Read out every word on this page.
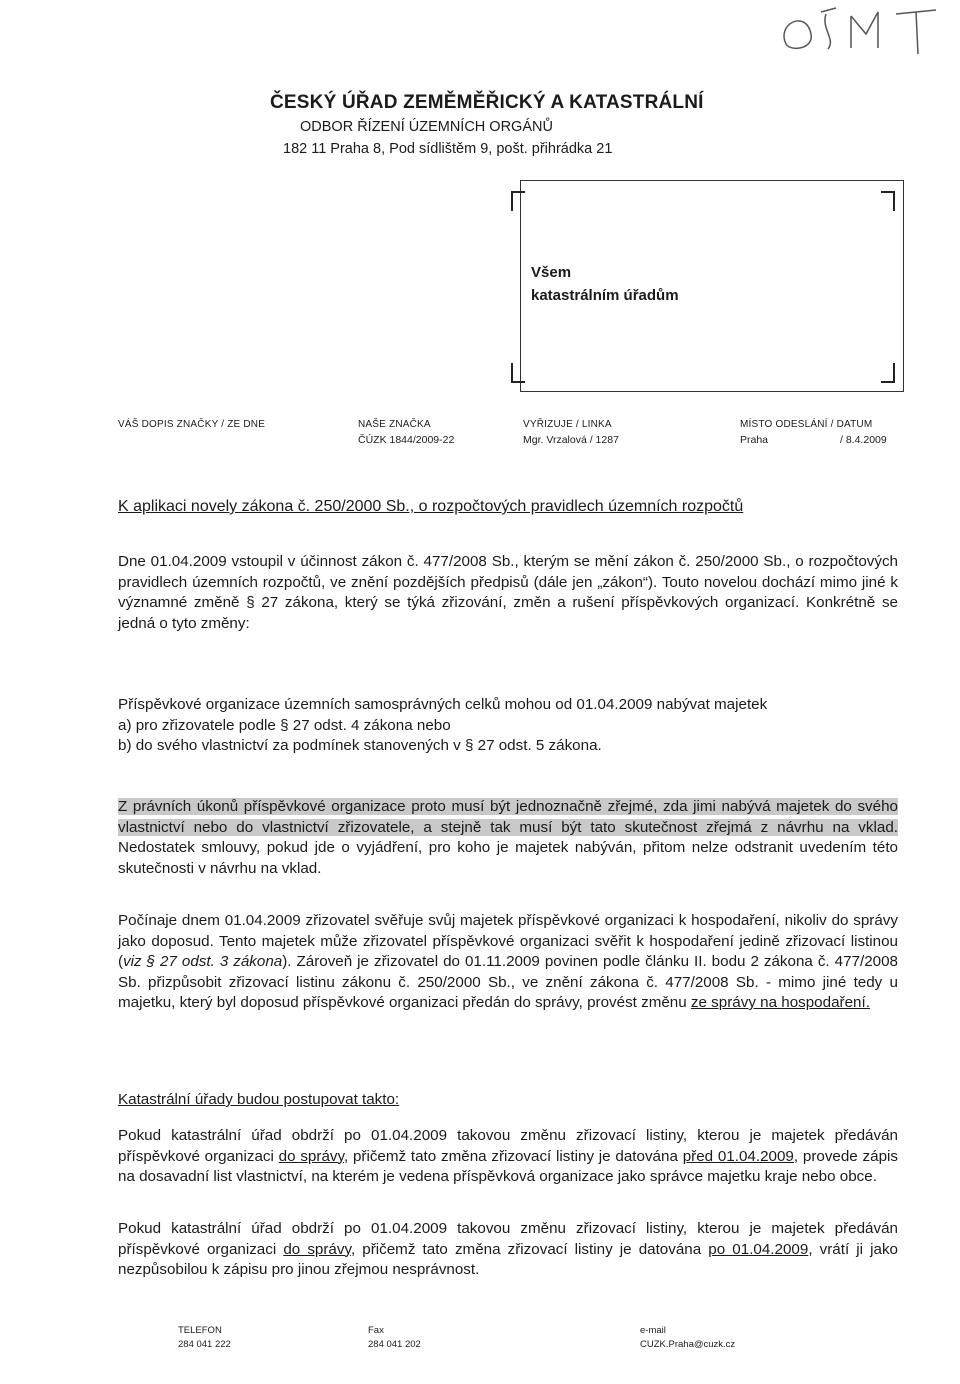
ČESKÝ ÚŘAD ZEMĚMĚŘICKÝ A KATASTRÁLNÍ
ODBOR ŘÍZENÍ ÚZEMNÍCH ORGÁNŮ
182 11 Praha 8, Pod sídlištěm 9, pošt. přihrádka 21
Všem
katastrálním úřadům
VÁŠ DOPIS ZNAČKY / ZE DNE	NAŠE ZNAČKA
ČÚZK 1844/2009-22
VYŘIZUJE / LINKA
Mgr. Vrzalová / 1287
MÍSTO ODESLÁNÍ / DATUM
Praha	/ 8.4.2009
K aplikaci novely zákona č. 250/2000 Sb., o rozpočtových pravidlech územních rozpočtů
Dne 01.04.2009 vstoupil v účinnost zákon č. 477/2008 Sb., kterým se mění zákon č. 250/2000 Sb., o rozpočtových pravidlech územních rozpočtů, ve znění pozdějších předpisů (dále jen „zákon“). Touto novelou dochází mimo jiné k významné změně § 27 zákona, který se týká zřizování, změn a rušení příspěvkových organizací. Konkrétně se jedná o tyto změny:
Příspěvkové organizace územních samosprávných celků mohou od 01.04.2009 nabývat majetek
a) pro zřizovatele podle § 27 odst. 4 zákona nebo
b) do svého vlastnictví za podmínek stanovených v § 27 odst. 5 zákona.
Z právních úkonů příspěvkové organizace proto musí být jednoznačně zřejmé, zda jimi nabývá majetek do svého vlastnictví nebo do vlastnictví zřizovatele, a stejně tak musí být tato skutečnost zřejmá z návrhu na vklad. Nedostatek smlouvy, pokud jde o vyjádření, pro koho je majetek nabýván, přitom nelze odstranit uvedením této skutečnosti v návrhu na vklad.
Počínaje dnem 01.04.2009 zřizovatel svěřuje svůj majetek příspěvkové organizaci k hospodaření, nikoliv do správy jako doposud. Tento majetek může zřizovatel příspěvkové organizaci svěřit k hospodaření jedině zřizovací listinou (viz § 27 odst. 3 zákona). Zároveň je zřizovatel do 01.11.2009 povinen podle článku II. bodu 2 zákona č. 477/2008 Sb. přizpůsobit zřizovací listinu zákonu č. 250/2000 Sb., ve znění zákona č. 477/2008 Sb. - mimo jiné tedy u majetku, který byl doposud příspěvkové organizaci předán do správy, provést změnu ze správy na hospodaření.
Katastrální úřady budou postupovat takto:
Pokud katastrální úřad obdrží po 01.04.2009 takovou změnu zřizovací listiny, kterou je majetek předáván příspěvkové organizaci do správy, přičemž tato změna zřizovací listiny je datována před 01.04.2009, provede zápis na dosavadní list vlastnictví, na kterém je vedena příspěvková organizace jako správce majetku kraje nebo obce.
Pokud katastrální úřad obdrží po 01.04.2009 takovou změnu zřizovací listiny, kterou je majetek předáván příspěvkové organizaci do správy, přičemž tato změna zřizovací listiny je datována po 01.04.2009, vrátí ji jako nezpůsobilou k zápisu pro jinou zřejmou nesprávnost.
TELEFON
284 041 222
Fax
284 041 202
e-mail
CUZK.Praha@cuzk.cz
